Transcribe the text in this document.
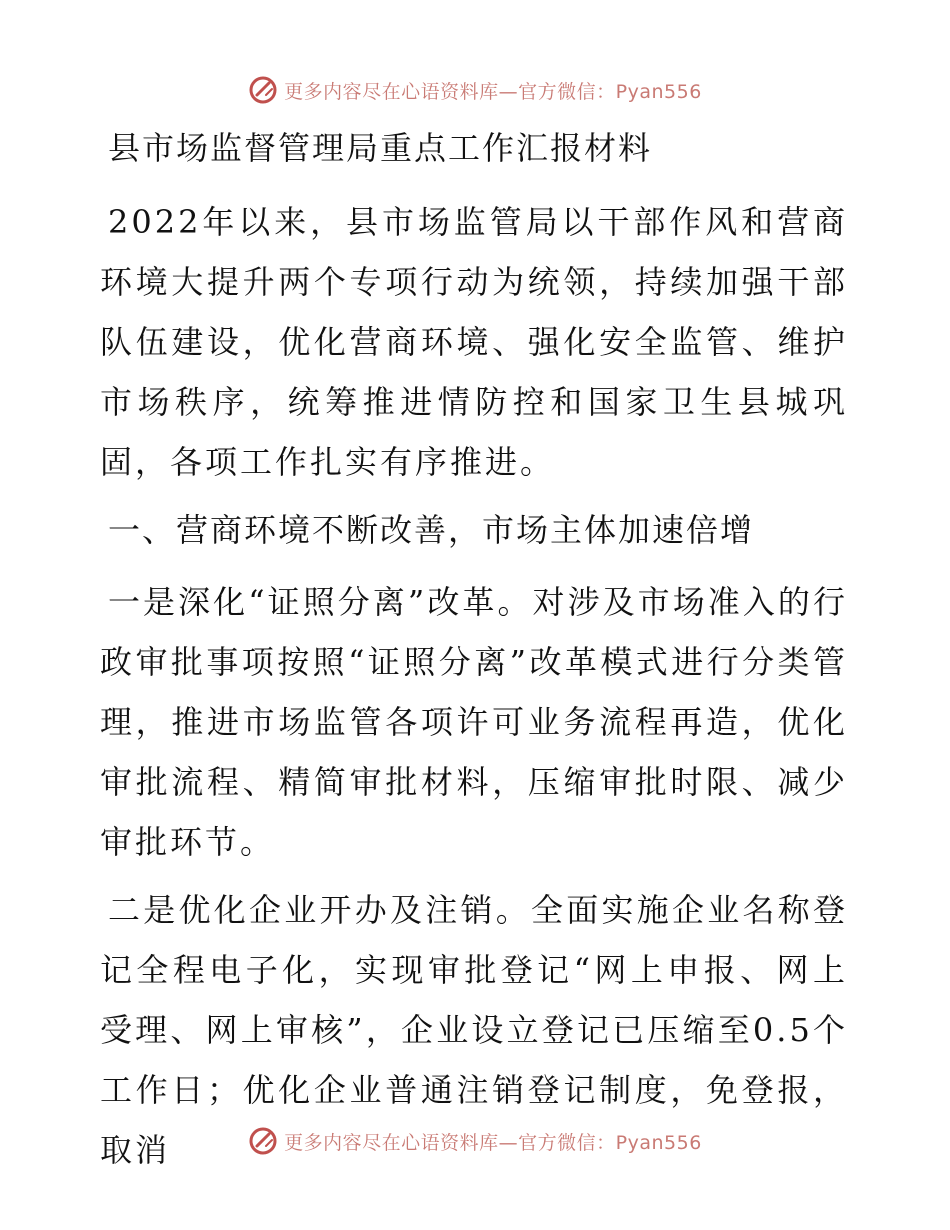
更多内容尽在心语资料库—官方微信：Pyan556
县市场监督管理局重点工作汇报材料

2022年以来，县市场监管局以干部作风和营商环境大提升两个专项行动为统领，持续加强干部队伍建设，优化营商环境、强化安全监管、维护市场秩序，统筹推进情防控和国家卫生县城巩固，各项工作扎实有序推进。

一、营商环境不断改善，市场主体加速倍增

一是深化“证照分离”改革。对涉及市场准入的行政审批事项按照“证照分离”改革模式进行分类管理，推进市场监管各项许可业务流程再造，优化审批流程、精简审批材料，压缩审批时限、减少审批环节。

二是优化企业开办及注销。全面实施企业名称登记全程电子化，实现审批登记“网上申报、网上受理、网上审核”，企业设立登记已压缩至0.5个工作日；优化企业普通注销登记制度，免登报，取消	更多内容尽在心语资料库—官方微信：Pyan556
